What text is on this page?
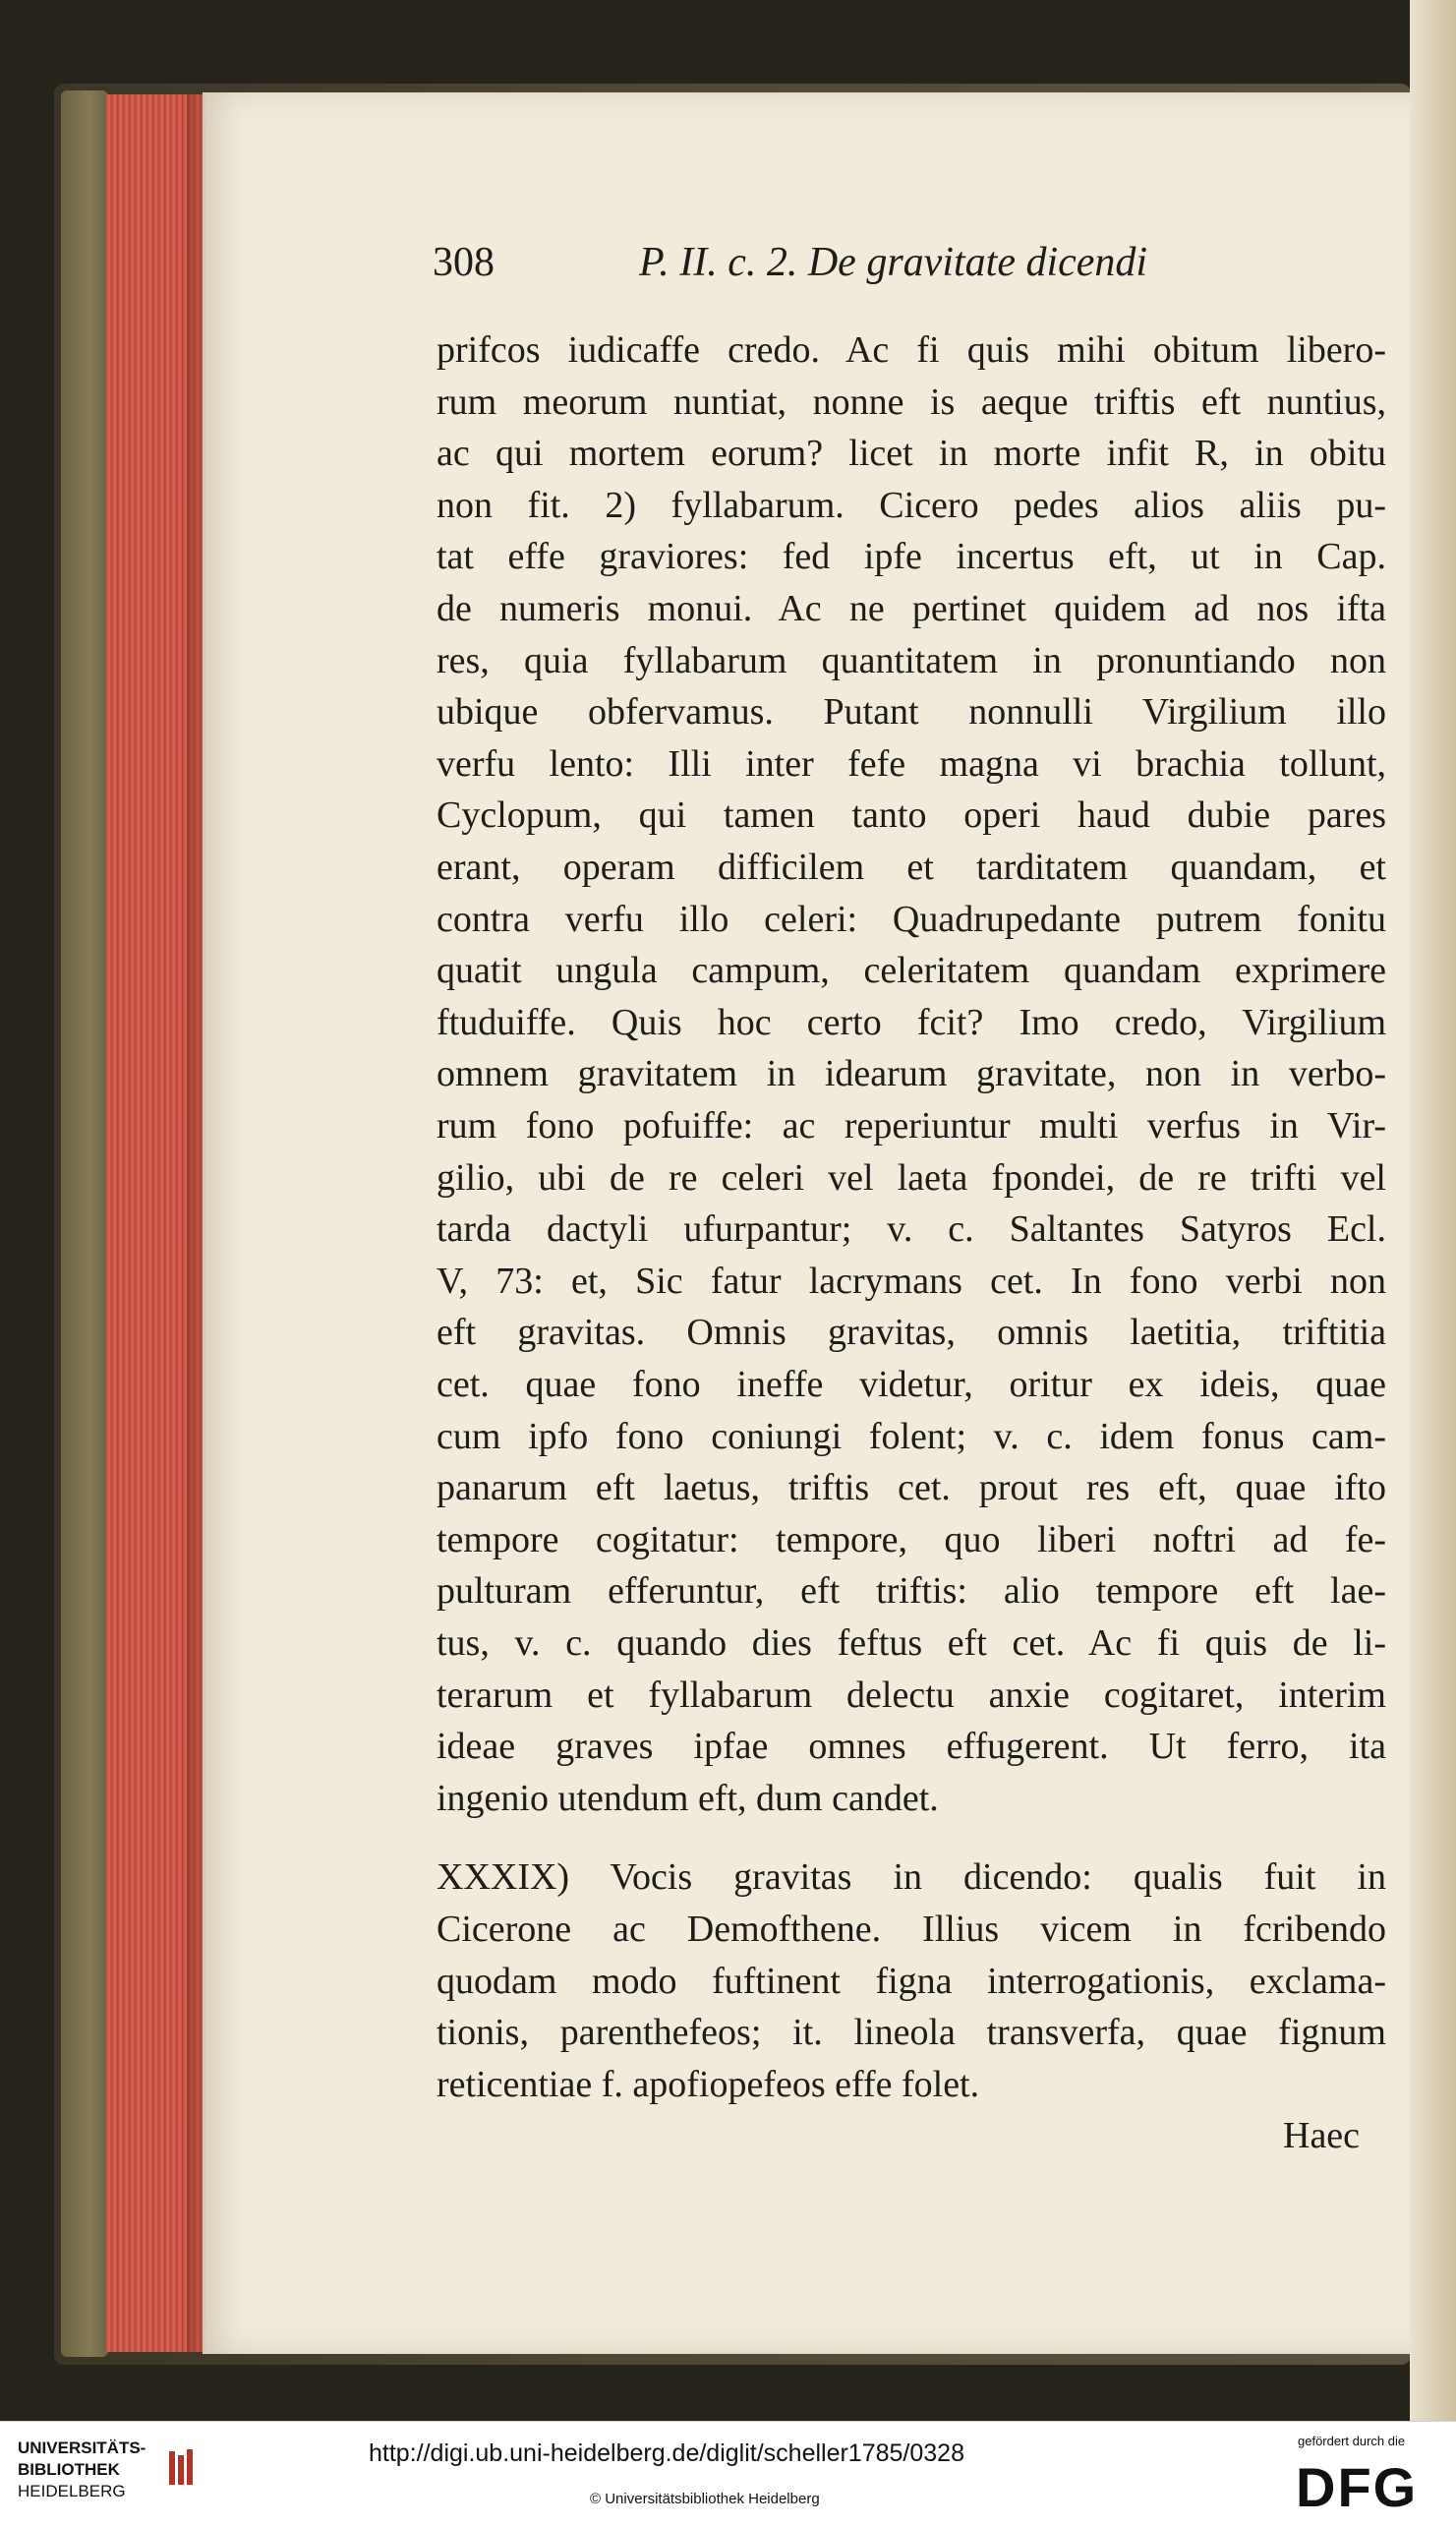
308	P. II. c. 2. De gravitate dicendi
prifcos iudicaffe credo. Ac fi quis mihi obitum libero-
rum meorum nuntiat, nonne is aeque triftis eft nuntius,
ac qui mortem eorum? licet in morte infit R, in obitu
non fit. 2) fyllabarum. Cicero pedes alios aliis pu-
tat effe graviores: fed ipfe incertus eft, ut in Cap.
de numeris monui. Ac ne pertinet quidem ad nos ifta
res, quia fyllabarum quantitatem in pronuntiando non
ubique obfervamus. Putant nonnulli Virgilium illo
verfu lento: Illi inter fefe magna vi brachia tollunt,
Cyclopum, qui tamen tanto operi haud dubie pares
erant, operam difficilem et tarditatem quandam, et
contra verfu illo celeri: Quadrupedante putrem fonitu
quatit ungula campum, celeritatem quandam exprimere
ftuduiffe. Quis hoc certo fcit? Imo credo, Virgilium
omnem gravitatem in idearum gravitate, non in verbo-
rum fono pofuiffe: ac reperiuntur multi verfus in Vir-
gilio, ubi de re celeri vel laeta fpondei, de re trifti vel
tarda dactyli ufurpantur; v. c. Saltantes Satyros Ecl.
V, 73: et, Sic fatur lacrymans cet. In fono verbi non
eft gravitas. Omnis gravitas, omnis laetitia, triftitia
cet. quae fono ineffe videtur, oritur ex ideis, quae
cum ipfo fono coniungi folent; v. c. idem fonus cam-
panarum eft laetus, triftis cet. prout res eft, quae ifto
tempore cogitatur: tempore, quo liberi noftri ad fe-
pulturam efferuntur, eft triftis: alio tempore eft lae-
tus, v. c. quando dies feftus eft cet. Ac fi quis de li-
terarum et fyllabarum delectu anxie cogitaret, interim
ideae graves ipfae omnes effugerent. Ut ferro, ita
ingenio utendum eft, dum candet.
XXXIX) Vocis gravitas in dicendo: qualis fuit in
Cicerone ac Demofthene. Illius vicem in fcribendo
quodam modo fuftinent figna interrogationis, exclama-
tionis, parenthefeos; it. lineola transverfa, quae fignum
reticentiae f. apofiopefeos effe folet.
Haec
UNIVERSITÄTS-
BIBLIOTHEK
HEIDELBERG
http://digi.ub.uni-heidelberg.de/diglit/scheller1785/0328
© Universitätsbibliothek Heidelberg
gefördert durch die
DFG
